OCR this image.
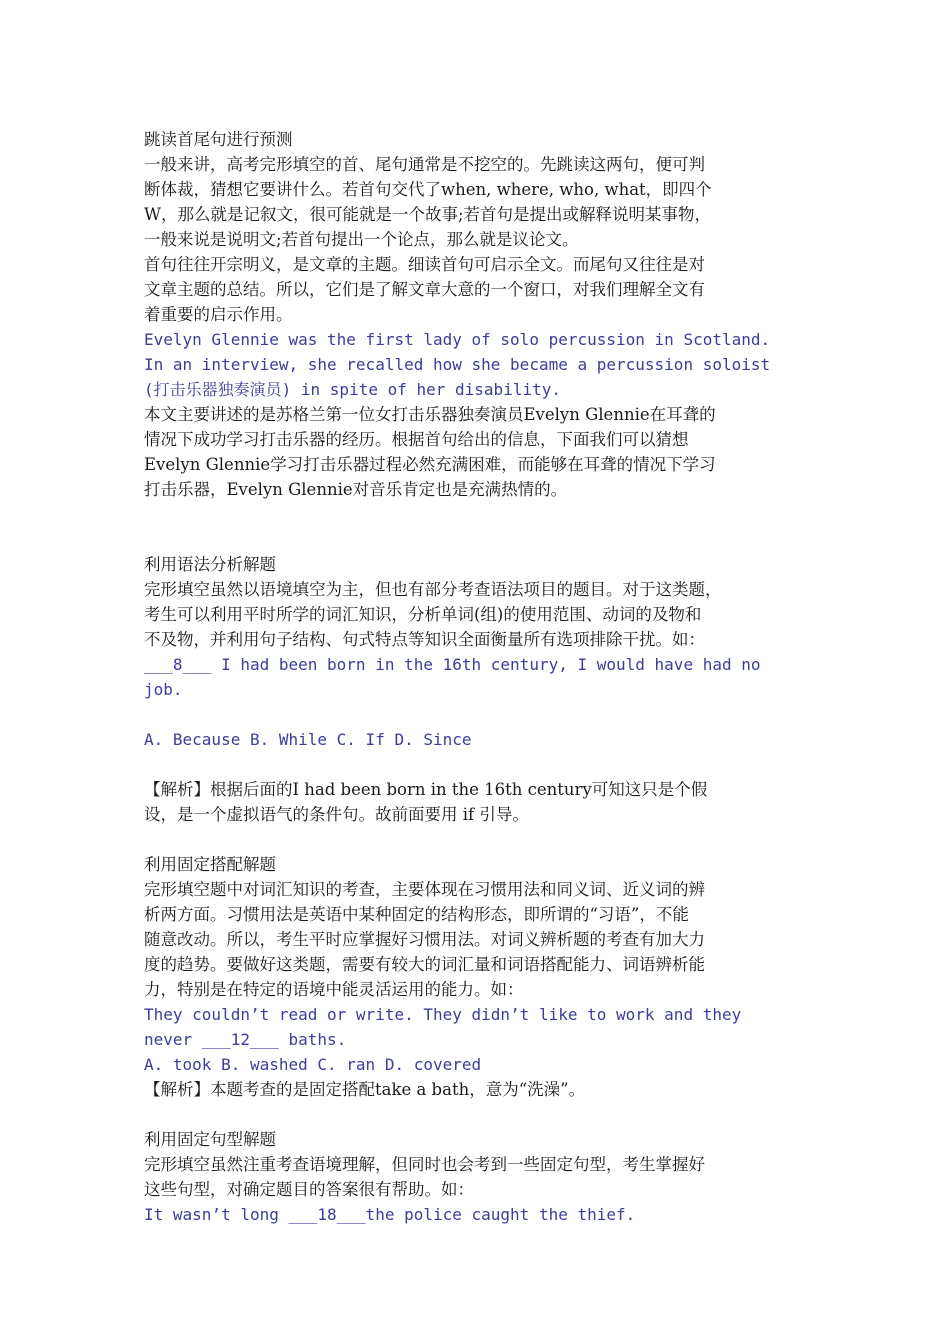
跳读首尾句进行预测
一般来讲，高考完形填空的首、尾句通常是不挖空的。先跳读这两句，便可判
断体裁，猜想它要讲什么。若首句交代了when, where, who, what，即四个
W，那么就是记叙文，很可能就是一个故事;若首句是提出或解释说明某事物，
一般来说是说明文;若首句提出一个论点，那么就是议论文。
首句往往开宗明义，是文章的主题。细读首句可启示全文。而尾句又往往是对
文章主题的总结。所以，它们是了解文章大意的一个窗口，对我们理解全文有
着重要的启示作用。
Evelyn Glennie was the first lady of solo percussion in Scotland.
In an interview, she recalled how she became a percussion soloist
(打击乐器独奏演员) in spite of her disability.
本文主要讲述的是苏格兰第一位女打击乐器独奏演员Evelyn Glennie在耳聋的
情况下成功学习打击乐器的经历。根据首句给出的信息，下面我们可以猜想
Evelyn Glennie学习打击乐器过程必然充满困难，而能够在耳聋的情况下学习
打击乐器，Evelyn Glennie对音乐肯定也是充满热情的。
利用语法分析解题
完形填空虽然以语境填空为主，但也有部分考查语法项目的题目。对于这类题，
考生可以利用平时所学的词汇知识，分析单词(组)的使用范围、动词的及物和
不及物，并利用句子结构、句式特点等知识全面衡量所有选项排除干扰。如：
___8___ I had been born in the 16th century, I would have had no
job.
A. Because B. While C. If D. Since
【解析】根据后面的I had been born in the 16th century可知这只是个假
设，是一个虚拟语气的条件句。故前面要用 if 引导。
利用固定搭配解题
完形填空题中对词汇知识的考查，主要体现在习惯用法和同义词、近义词的辨
析两方面。习惯用法是英语中某种固定的结构形态，即所谓的“习语”，不能
随意改动。所以，考生平时应掌握好习惯用法。对词义辨析题的考查有加大力
度的趋势。要做好这类题，需要有较大的词汇量和词语搭配能力、词语辨析能
力，特别是在特定的语境中能灵活运用的能力。如：
They couldn’t read or write. They didn’t like to work and they
never ___12___ baths.
A. took B. washed C. ran D. covered
【解析】本题考查的是固定搭配take a bath，意为“洗澡”。
利用固定句型解题
完形填空虽然注重考查语境理解，但同时也会考到一些固定句型，考生掌握好
这些句型，对确定题目的答案很有帮助。如：
It wasn’t long ___18___the police caught the thief.
